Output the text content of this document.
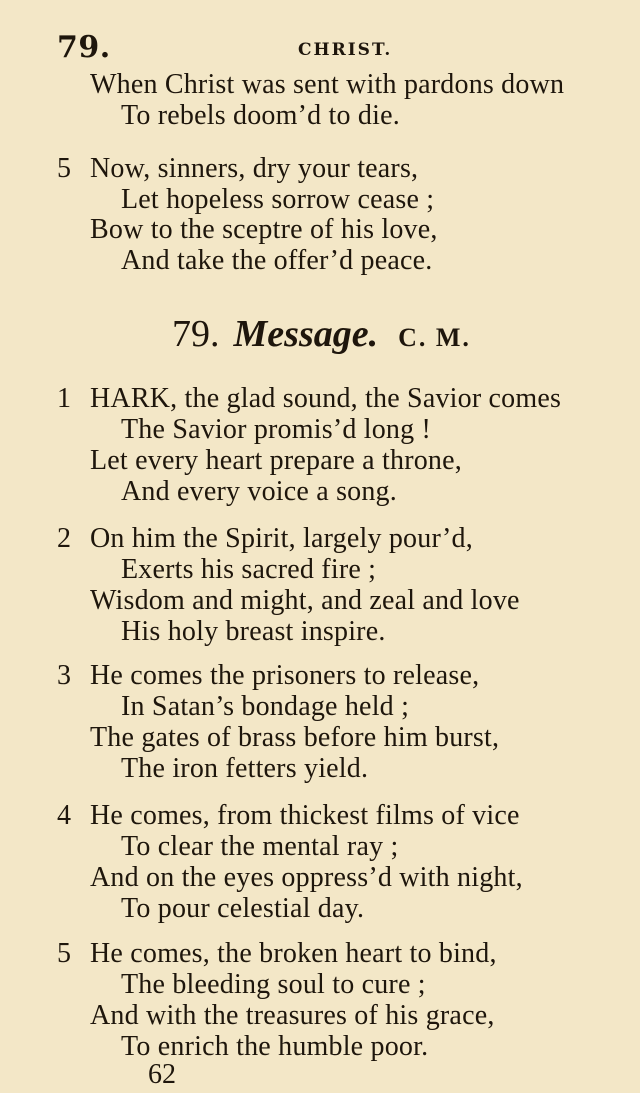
79.	CHRIST.
When Christ was sent with pardons down
To rebels doom’d to die.
5 Now, sinners, dry your tears,
Let hopeless sorrow cease ;
Bow to the sceptre of his love,
And take the offer’d peace.
79. Message. C. M.
1 HARK, the glad sound, the Savior comes
The Savior promis’d long !
Let every heart prepare a throne,
And every voice a song.
2 On him the Spirit, largely pour’d,
Exerts his sacred fire ;
Wisdom and might, and zeal and love
His holy breast inspire.
3 He comes the prisoners to release,
In Satan’s bondage held ;
The gates of brass before him burst,
The iron fetters yield.
4 He comes, from thickest films of vice
To clear the mental ray ;
And on the eyes oppress’d with night,
To pour celestial day.
5 He comes, the broken heart to bind,
The bleeding soul to cure ;
And with the treasures of his grace,
To enrich the humble poor.
62
